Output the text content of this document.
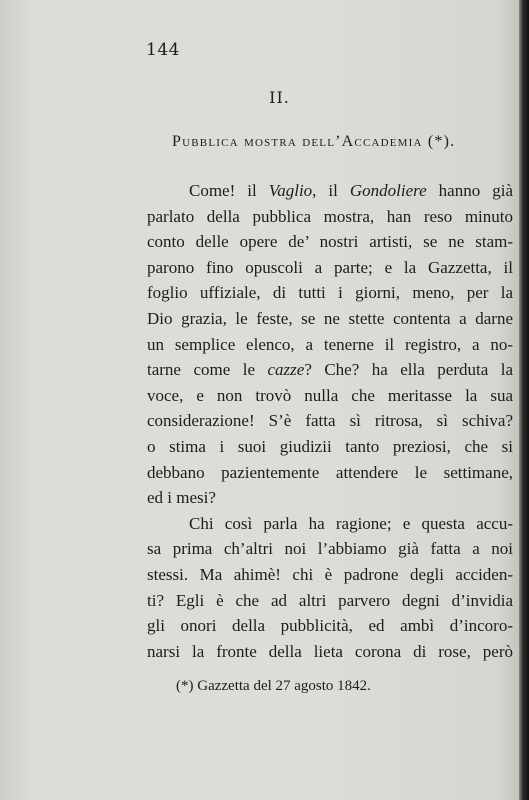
144
II.
Pubblica mostra dell’Accademia (*).
Come! il Vaglio, il Gondoliere hanno già
parlato della pubblica mostra, han reso minuto
conto delle opere de’ nostri artisti, se ne stam-
parono fino opuscoli a parte; e la Gazzetta, il
foglio uffiziale, di tutti i giorni, meno, per la
Dio grazia, le feste, se ne stette contenta a darne
un semplice elenco, a tenerne il registro, a no-
tarne come le cazze? Che? ha ella perduta la
voce, e non trovò nulla che meritasse la sua
considerazione! S’è fatta sì ritrosa, sì schiva?
o stima i suoi giudizii tanto preziosi, che si
debbano pazientemente attendere le settimane,
ed i mesi?
Chi così parla ha ragione; e questa accu-
sa prima ch’altri noi l’abbiamo già fatta a noi
stessi. Ma ahimè! chi è padrone degli acciden-
ti? Egli è che ad altri parvero degni d’invidia
gli onori della pubblicità, ed ambì d’incoro-
narsi la fronte della lieta corona di rose, però
(*) Gazzetta del 27 agosto 1842.
